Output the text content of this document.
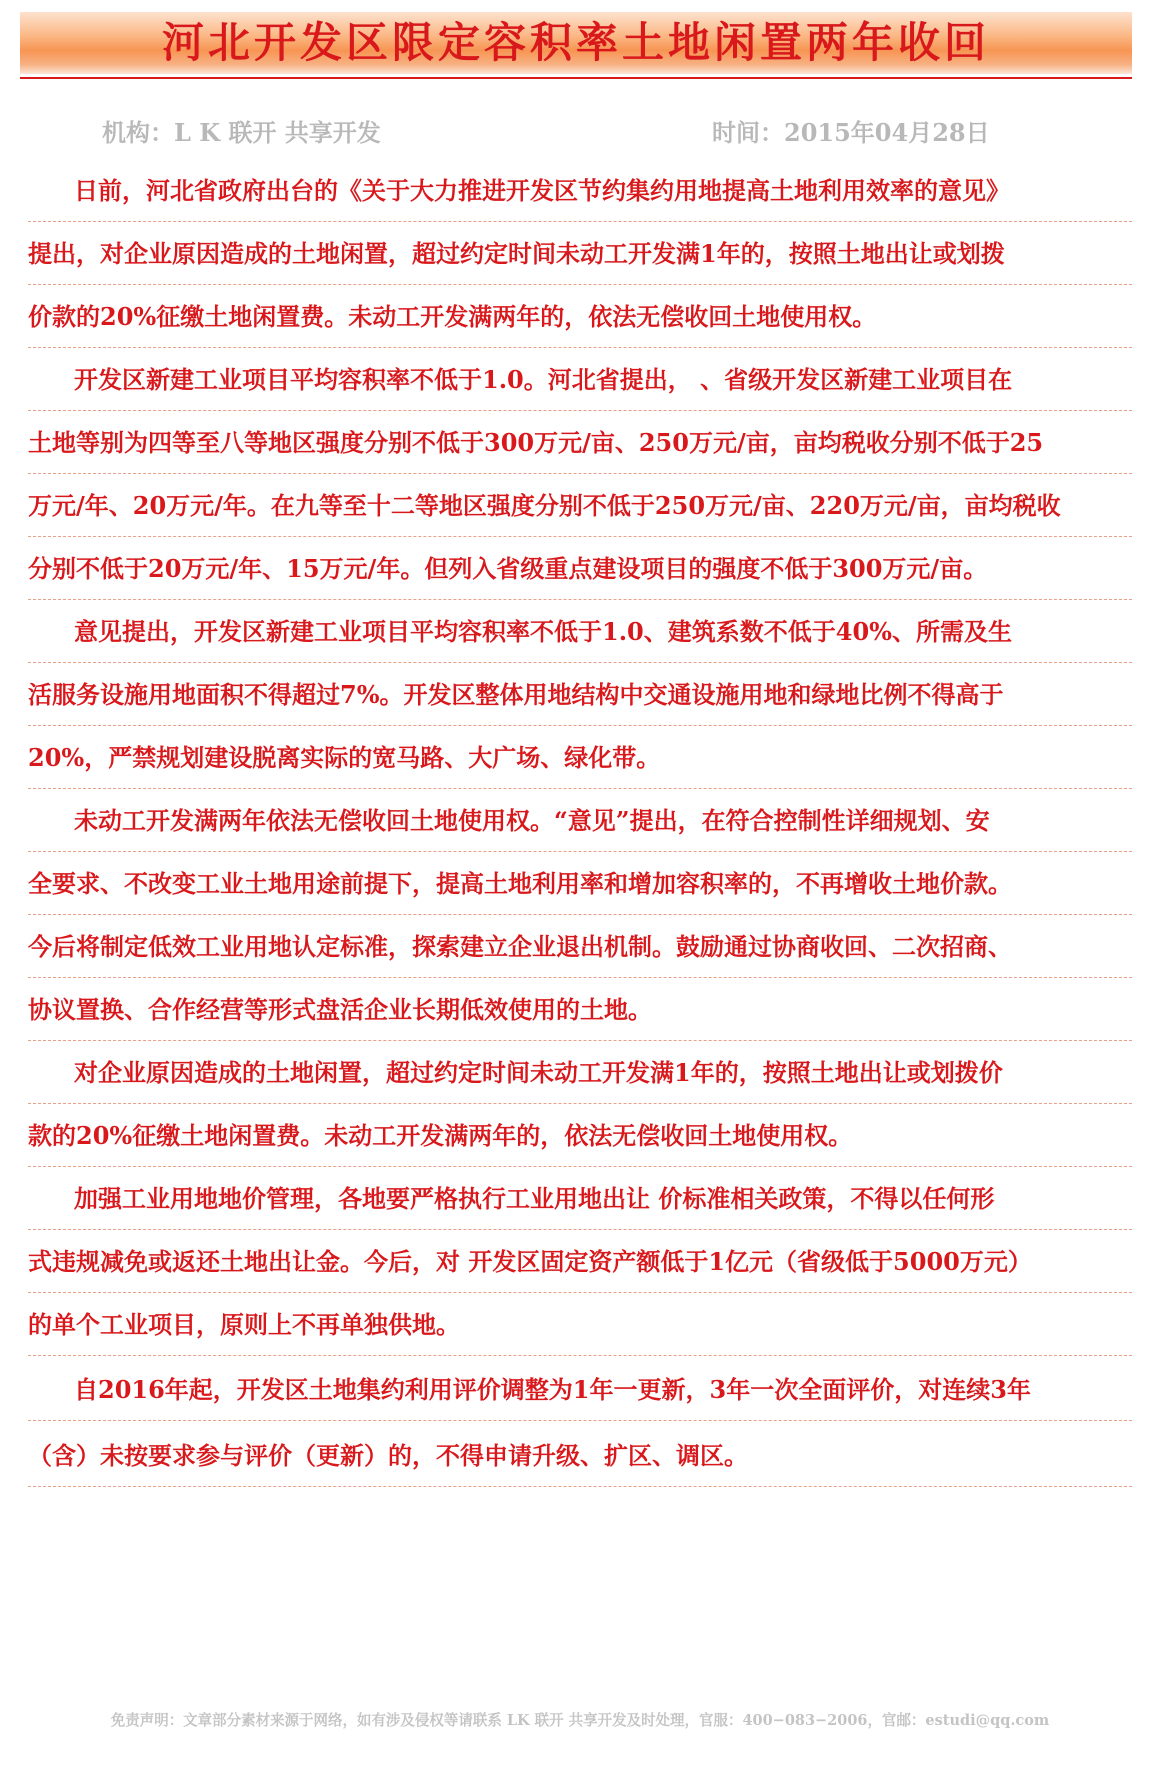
河北开发区限定容积率土地闲置两年收回
机构：L K 联开 共享开发	时间：2015年04月28日
日前，河北省政府出台的《关于大力推进开发区节约集约用地提高土地利用效率的意见》
提出，对企业原因造成的土地闲置，超过约定时间未动工开发满1年的，按照土地出让或划拨
价款的20%征缴土地闲置费。未动工开发满两年的，依法无偿收回土地使用权。
开发区新建工业项目平均容积率不低于1.0。河北省提出， 、省级开发区新建工业项目在
土地等别为四等至八等地区强度分别不低于300万元/亩、250万元/亩，亩均税收分别不低于25
万元/年、20万元/年。在九等至十二等地区强度分别不低于250万元/亩、220万元/亩，亩均税收
分别不低于20万元/年、15万元/年。但列入省级重点建设项目的强度不低于300万元/亩。
意见提出，开发区新建工业项目平均容积率不低于1.0、建筑系数不低于40%、所需及生
活服务设施用地面积不得超过7%。开发区整体用地结构中交通设施用地和绿地比例不得高于
20%，严禁规划建设脱离实际的宽马路、大广场、绿化带。
未动工开发满两年依法无偿收回土地使用权。“意见”提出，在符合控制性详细规划、安
全要求、不改变工业土地用途前提下，提高土地利用率和增加容积率的，不再增收土地价款。
今后将制定低效工业用地认定标准，探索建立企业退出机制。鼓励通过协商收回、二次招商、
协议置换、合作经营等形式盘活企业长期低效使用的土地。
对企业原因造成的土地闲置，超过约定时间未动工开发满1年的，按照土地出让或划拨价
款的20%征缴土地闲置费。未动工开发满两年的，依法无偿收回土地使用权。
加强工业用地地价管理，各地要严格执行工业用地出让 价标准相关政策，不得以任何形
式违规减免或返还土地出让金。今后，对 开发区固定资产额低于1亿元（省级低于5000万元）
的单个工业项目，原则上不再单独供地。
自2016年起，开发区土地集约利用评价调整为1年一更新，3年一次全面评价，对连续3年
（含）未按要求参与评价（更新）的，不得申请升级、扩区、调区。
免责声明：文章部分素材来源于网络，如有涉及侵权等请联系 LK 联开 共享开发及时处理，官服：400−083−2006，官邮：estudi@qq.com
